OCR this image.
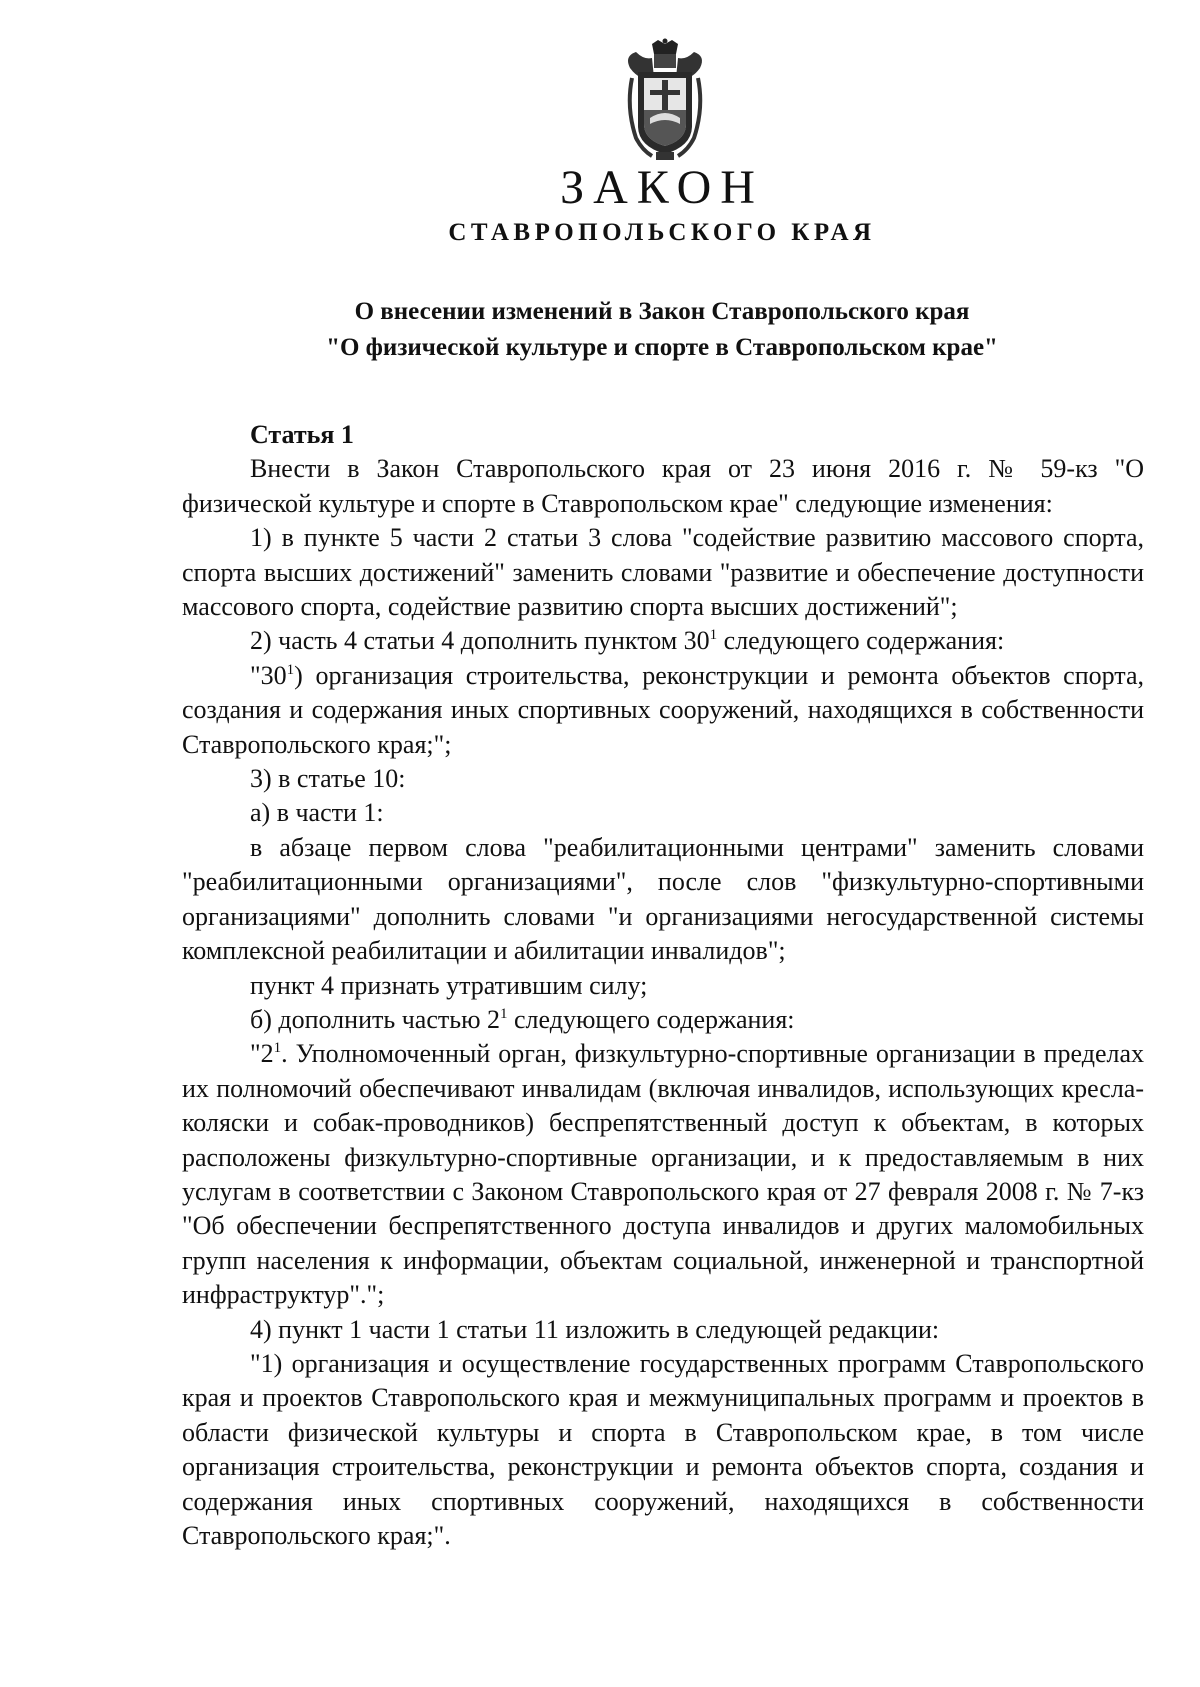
ЗАКОН
СТАВРОПОЛЬСКОГО КРАЯ
О внесении изменений в Закон Ставропольского края
"О физической культуре и спорте в Ставропольском крае"
Статья 1

Внести в Закон Ставропольского края от 23 июня 2016 г. № 59-кз "О физической культуре и спорте в Ставропольском крае" следующие изменения:

1) в пункте 5 части 2 статьи 3 слова "содействие развитию массового спорта, спорта высших достижений" заменить словами "развитие и обеспечение доступности массового спорта, содействие развитию спорта высших достижений";

2) часть 4 статьи 4 дополнить пунктом $30^1$ следующего содержания:

"$30^1$) организация строительства, реконструкции и ремонта объектов спорта, создания и содержания иных спортивных сооружений, находящихся в собственности Ставропольского края;";

3) в статье 10:

а) в части 1:

в абзаце первом слова "реабилитационными центрами" заменить словами "реабилитационными организациями", после слов "физкультурно-спортивными организациями" дополнить словами "и организациями негосударственной системы комплексной реабилитации и абилитации инвалидов";

пункт 4 признать утратившим силу;

б) дополнить частью $2^1$ следующего содержания:

"$2^1$. Уполномоченный орган, физкультурно-спортивные организации в пределах их полномочий обеспечивают инвалидам (включая инвалидов, использующих кресла-коляски и собак-проводников) беспрепятственный доступ к объектам, в которых расположены физкультурно-спортивные организации, и к предоставляемым в них услугам в соответствии с Законом Ставропольского края от 27 февраля 2008 г. № 7-кз "Об обеспечении беспрепятственного доступа инвалидов и других маломобильных групп населения к информации, объектам социальной, инженерной и транспортной инфраструктур".";

4) пункт 1 части 1 статьи 11 изложить в следующей редакции:

"1) организация и осуществление государственных программ Ставропольского края и проектов Ставропольского края и межмуниципальных программ и проектов в области физической культуры и спорта в Ставропольском крае, в том числе организация строительства, реконструкции и ремонта объектов спорта, создания и содержания иных спортивных сооружений, находящихся в собственности Ставропольского края;".
